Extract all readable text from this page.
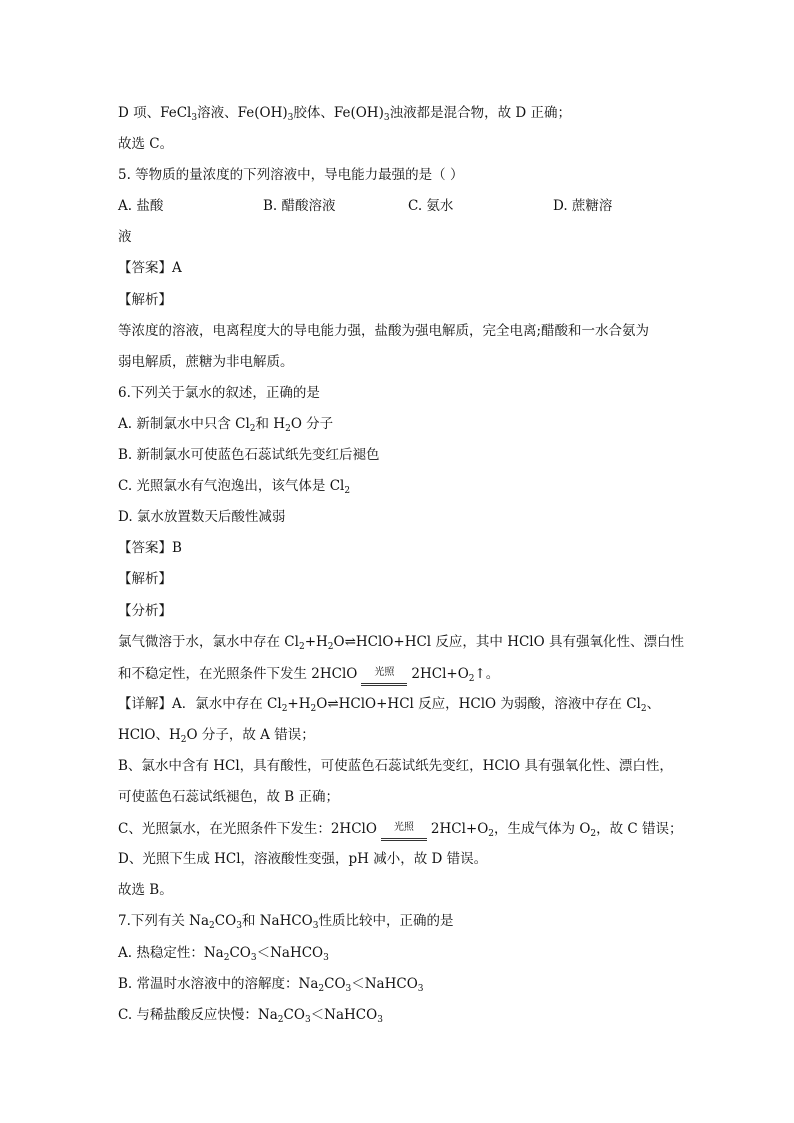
D 项、FeCl$_3$溶液、$Fe(OH)_3$胶体、$Fe(OH)_3$浊液都是混合物，故 D 正确；
故选 C。
5. 等物质的量浓度的下列溶液中，导电能力最强的是（ ）
A. 盐酸	B. 醋酸溶液	C. 氨水	D. 蔗糖溶
液
【答案】A
【解析】
等浓度的溶液，电离程度大的导电能力强，盐酸为强电解质，完全电离;醋酸和一水合氨为
弱电解质，蔗糖为非电解质。
6.下列关于氯水的叙述，正确的是
A. 新制氯水中只含 $Cl_2$和 $H_2O$ 分子
B. 新制氯水可使蓝色石蕊试纸先变红后褪色
C. 光照氯水有气泡逸出，该气体是 $Cl_2$
D. 氯水放置数天后酸性减弱
【答案】B
【解析】
【分析】
氯气微溶于水，氯水中存在 $Cl_2+H_2O\rightleftharpoons HClO+HCl$ 反应，其中 HClO 具有强氧化性、漂白性
和不稳定性，在光照条件下发生 2HClO 光照 $2HCl+O_2↑$。
【详解】A．氯水中存在 $Cl_2+H_2O\rightleftharpoons HClO+HCl$ 反应，HClO 为弱酸，溶液中存在 $Cl_2$、
HClO、$H_2O$ 分子，故 A 错误；
B、氯水中含有 HCl，具有酸性，可使蓝色石蕊试纸先变红，HClO 具有强氧化性、漂白性，
可使蓝色石蕊试纸褪色，故 B 正确；
C、光照氯水，在光照条件下发生：2HClO 光照 $2HCl+O_2$，生成气体为 $O_2$，故 C 错误；
D、光照下生成 HCl，溶液酸性变强，pH 减小，故 D 错误。
故选 B。
7.下列有关 $Na_2CO_3$和 NaHCO$_3$性质比较中，正确的是
A. 热稳定性：$Na_2CO_3<NaHCO_3$
B. 常温时水溶液中的溶解度：$Na_2CO_3<NaHCO_3$
C. 与稀盐酸反应快慢：$Na_2CO_3<NaHCO_3$
